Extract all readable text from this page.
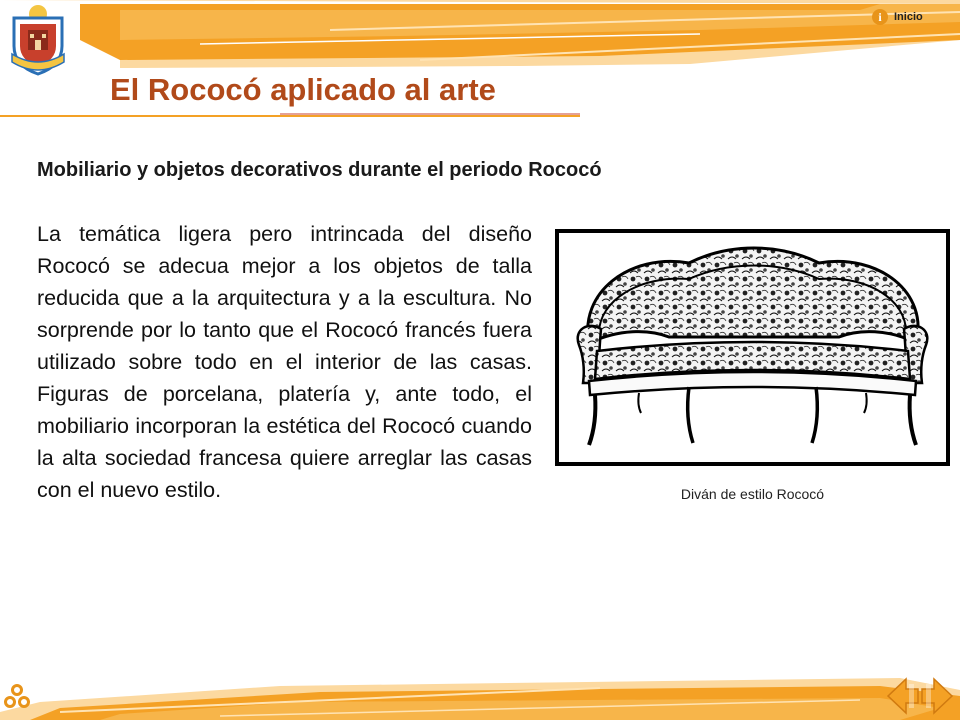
i	Inicio
El Rococó aplicado al arte
Mobiliario y objetos decorativos durante el periodo Rococó

La temática ligera pero intrincada del diseño Rococó se adecua mejor a los objetos de talla reducida que a la arquitectura y a la escultura. No sorprende por lo tanto que el Rococó francés fuera utilizado sobre todo en el interior de las casas. Figuras de porcelana, platería y, ante todo, el mobiliario incorporan la estética del Rococó cuando la alta sociedad francesa quiere arreglar las casas con el nuevo estilo.	Diván de estilo Rococó
